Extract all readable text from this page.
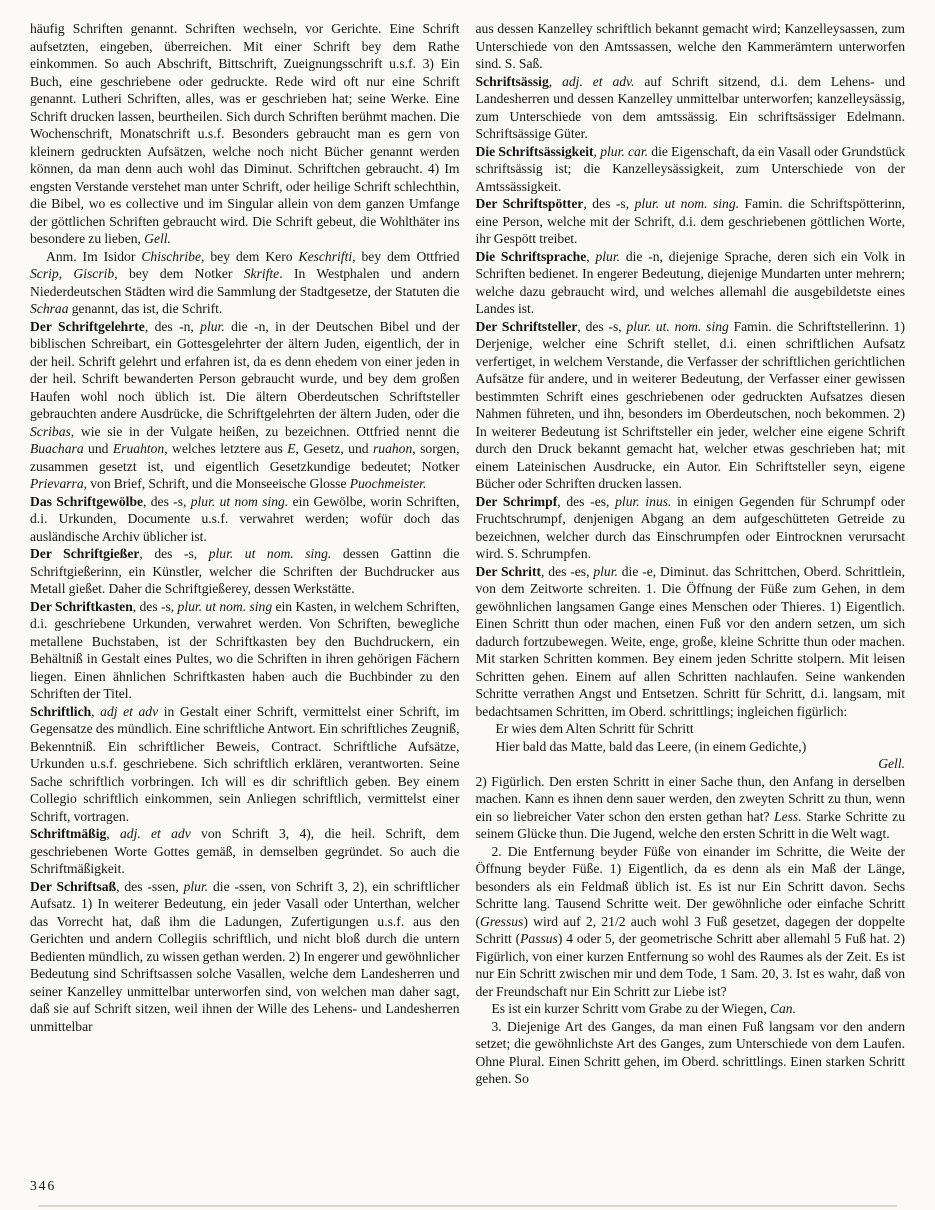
häufig Schriften genannt. Schriften wechseln, vor Gerichte. Eine Schrift aufsetzten, eingeben, überreichen. Mit einer Schrift bey dem Rathe einkommen. So auch Abschrift, Bittschrift, Zueignungsschrift u.s.f. 3) Ein Buch, eine geschriebene oder gedruckte. Rede wird oft nur eine Schrift genannt. Lutheri Schriften, alles, was er geschrieben hat; seine Werke. Eine Schrift drucken lassen, beurtheilen. Sich durch Schriften berühmt machen. Die Wochenschrift, Monatschrift u.s.f. Besonders gebraucht man es gern von kleinern gedruckten Aufsätzen, welche noch nicht Bücher genannt werden können, da man denn auch wohl das Diminut. Schriftchen gebraucht. 4) Im engsten Verstande verstehet man unter Schrift, oder heilige Schrift schlechthin, die Bibel, wo es collective und im Singular allein von dem ganzen Umfange der göttlichen Schriften gebraucht wird. Die Schrift gebeut, die Wohlthäter ins besondere zu lieben, Gell.

Anm. Im Isidor Chischribe, bey dem Kero Keschrifti, bey dem Ottfried Scrip, Giscrib, bey dem Notker Skrifte. In Westphalen und andern Niederdeutschen Städten wird die Sammlung der Stadtgesetze, der Statuten die Schraa genannt, das ist, die Schrift.

Der Schriftgelehrte, des -n, plur. die -n, in der Deutschen Bibel und der biblischen Schreibart, ein Gottesgelehrter der ältern Juden, eigentlich, der in der heil. Schrift gelehrt und erfahren ist, da es denn ehedem von einer jeden in der heil. Schrift bewanderten Person gebraucht wurde, und bey dem großen Haufen wohl noch üblich ist. Die ältern Oberdeutschen Schriftsteller gebrauchten andere Ausdrücke, die Schriftgelehrten der ältern Juden, oder die Scribas, wie sie in der Vulgate heißen, zu bezeichnen. Ottfried nennt die Buachara und Eruahton, welches letztere aus E, Gesetz, und ruahon, sorgen, zusammen gesetzt ist, und eigentlich Gesetzkundige bedeutet; Notker Prievarra, von Brief, Schrift, und die Monseeische Glosse Puochmeister.

Das Schriftgewölbe, des -s, plur. ut nom sing. ein Gewölbe, worin Schriften, d.i. Urkunden, Documente u.s.f. verwahret werden; wofür doch das ausländische Archiv üblicher ist.

Der Schriftgießer, des -s, plur. ut nom. sing. dessen Gattinn die Schriftgießerinn, ein Künstler, welcher die Schriften der Buchdrucker aus Metall gießet. Daher die Schriftgießerey, dessen Werkstätte.

Der Schriftkasten, des -s, plur. ut nom. sing ein Kasten, in welchem Schriften, d.i. geschriebene Urkunden, verwahret werden. Von Schriften, bewegliche metallene Buchstaben, ist der Schriftkasten bey den Buchdruckern, ein Behältniß in Gestalt eines Pultes, wo die Schriften in ihren gehörigen Fächern liegen. Einen ähnlichen Schriftkasten haben auch die Buchbinder zu den Schriften der Titel.

Schriftlich, adj et adv in Gestalt einer Schrift, vermittelst einer Schrift, im Gegensatze des mündlich. Eine schriftliche Antwort. Ein schriftliches Zeugniß, Bekenntniß. Ein schriftlicher Beweis, Contract. Schriftliche Aufsätze, Urkunden u.s.f. geschriebene. Sich schriftlich erklären, verantworten. Seine Sache schriftlich vorbringen. Ich will es dir schriftlich geben. Bey einem Collegio schriftlich einkommen, sein Anliegen schriftlich, vermittelst einer Schrift, vortragen.

Schriftmäßig, adj. et adv von Schrift 3, 4), die heil. Schrift, dem geschriebenen Worte Gottes gemäß, in demselben gegründet. So auch die Schriftmäßigkeit.

Der Schriftsaß, des -ssen, plur. die -ssen, von Schrift 3, 2), ein schriftlicher Aufsatz. 1) In weiterer Bedeutung, ein jeder Vasall oder Unterthan, welcher das Vorrecht hat, daß ihm die Ladungen, Zufertigungen u.s.f. aus den Gerichten und andern Collegiis schriftlich, und nicht bloß durch die untern Bedienten mündlich, zu wissen gethan werden. 2) In engerer und gewöhnlicher Bedeutung sind Schriftsassen solche Vasallen, welche dem Landesherren und seiner Kanzelley unmittelbar unterworfen sind, von welchen man daher sagt, daß sie auf Schrift sitzen, weil ihnen der Wille des Lehens- und Landesherren unmittelbar

aus dessen Kanzelley schriftlich bekannt gemacht wird; Kanzelleysassen, zum Unterschiede von den Amtssassen, welche den Kammerämtern unterworfen sind. S. Saß.

Schriftsässig, adj. et adv. auf Schrift sitzend, d.i. dem Lehens- und Landesherren und dessen Kanzelley unmittelbar unterworfen; kanzelleysässig, zum Unterschiede von dem amtssässig. Ein schriftsässiger Edelmann. Schriftsässige Güter.

Die Schriftsässigkeit, plur. car. die Eigenschaft, da ein Vasall oder Grundstück schriftsässig ist; die Kanzelleysässigkeit, zum Unterschiede von der Amtssässigkeit.

Der Schriftspötter, des -s, plur. ut nom. sing. Famin. die Schriftspötterinn, eine Person, welche mit der Schrift, d.i. dem geschriebenen göttlichen Worte, ihr Gespött treibet.

Die Schriftsprache, plur. die -n, diejenige Sprache, deren sich ein Volk in Schriften bedienet. In engerer Bedeutung, diejenige Mundarten unter mehrern; welche dazu gebraucht wird, und welches allemahl die ausgebildetste eines Landes ist.

Der Schriftsteller, des -s, plur. ut. nom. sing Famin. die Schriftstellerinn. 1) Derjenige, welcher eine Schrift stellet, d.i. einen schriftlichen Aufsatz verfertiget, in welchem Verstande, die Verfasser der schriftlichen gerichtlichen Aufsätze für andere, und in weiterer Bedeutung, der Verfasser einer gewissen bestimmten Schrift eines geschriebenen oder gedruckten Aufsatzes diesen Nahmen führeten, und ihn, besonders im Oberdeutschen, noch bekommen. 2) In weiterer Bedeutung ist Schriftsteller ein jeder, welcher eine eigene Schrift durch den Druck bekannt gemacht hat, welcher etwas geschrieben hat; mit einem Lateinischen Ausdrucke, ein Autor. Ein Schriftsteller seyn, eigene Bücher oder Schriften drucken lassen.

Der Schrimpf, des -es, plur. inus. in einigen Gegenden für Schrumpf oder Fruchtschrumpf, denjenigen Abgang an dem aufgeschütteten Getreide zu bezeichnen, welcher durch das Einschrumpfen oder Eintrocknen verursacht wird. S. Schrumpfen.

Der Schritt, des -es, plur. die -e, Diminut. das Schrittchen, Oberd. Schrittlein, von dem Zeitworte schreiten. 1. Die Öffnung der Füße zum Gehen, in dem gewöhnlichen langsamen Gange eines Menschen oder Thieres. 1) Eigentlich. Einen Schritt thun oder machen, einen Fuß vor den andern setzen, um sich dadurch fortzubewegen. Weite, enge, große, kleine Schritte thun oder machen. Mit starken Schritten kommen. Bey einem jeden Schritte stolpern. Mit leisen Schritten gehen. Einem auf allen Schritten nachlaufen. Seine wankenden Schritte verrathen Angst und Entsetzen. Schritt für Schritt, d.i. langsam, mit bedachtsamen Schritten, im Oberd. schrittlings; ingleichen figürlich:

Er wies dem Alten Schritt für Schritt

Hier bald das Matte, bald das Leere, (in einem Gedichte,)

Gell.

2) Figürlich. Den ersten Schritt in einer Sache thun, den Anfang in derselben machen. Kann es ihnen denn sauer werden, den zweyten Schritt zu thun, wenn ein so liebreicher Vater schon den ersten gethan hat? Less. Starke Schritte zu seinem Glücke thun. Die Jugend, welche den ersten Schritt in die Welt wagt.

2. Die Entfernung beyder Füße von einander im Schritte, die Weite der Öffnung beyder Füße. 1) Eigentlich, da es denn als ein Maß der Länge, besonders als ein Feldmaß üblich ist. Es ist nur Ein Schritt davon. Sechs Schritte lang. Tausend Schritte weit. Der gewöhnliche oder einfache Schritt (Gressus) wird auf 2, 21/2 auch wohl 3 Fuß gesetzet, dagegen der doppelte Schritt (Passus) 4 oder 5, der geometrische Schritt aber allemahl 5 Fuß hat. 2) Figürlich, von einer kurzen Entfernung so wohl des Raumes als der Zeit. Es ist nur Ein Schritt zwischen mir und dem Tode, 1 Sam. 20, 3. Ist es wahr, daß von der Freundschaft nur Ein Schritt zur Liebe ist?

Es ist ein kurzer Schritt vom Grabe zu der Wiegen, Can.

3. Diejenige Art des Ganges, da man einen Fuß langsam vor den andern setzet; die gewöhnlichste Art des Ganges, zum Unterschiede von dem Laufen. Ohne Plural. Einen Schritt gehen, im Oberd. schrittlings. Einen starken Schritt gehen. So

346
